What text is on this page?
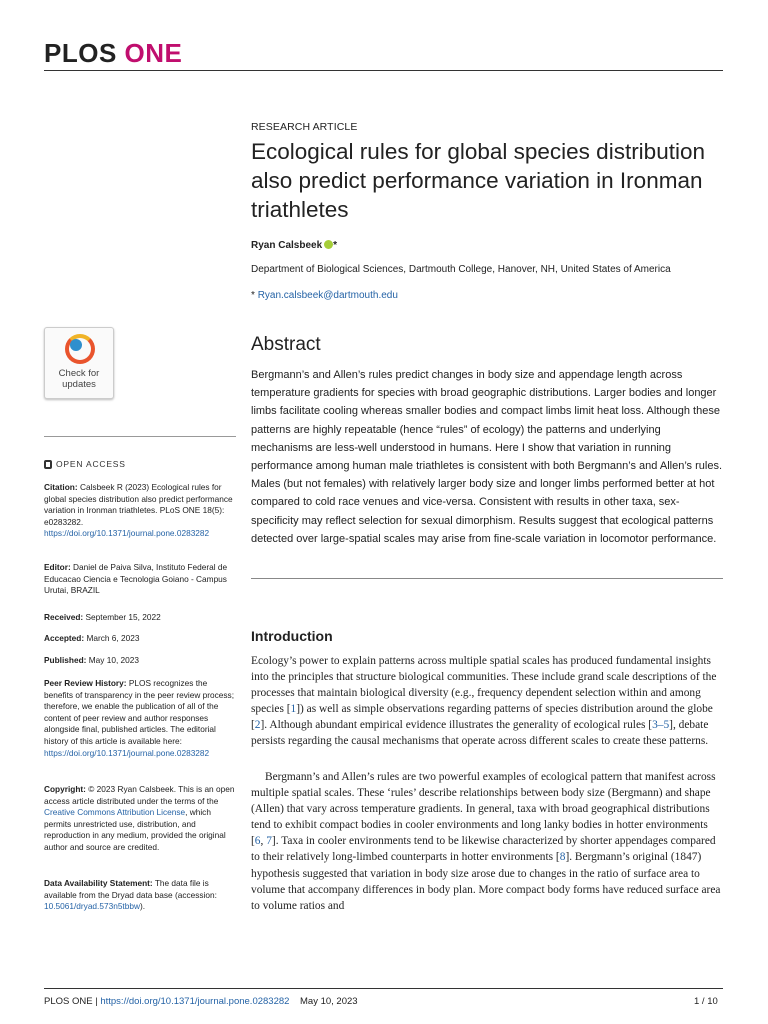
PLOS ONE
RESEARCH ARTICLE
Ecological rules for global species distribution also predict performance variation in Ironman triathletes
Ryan Calsbeek *
Department of Biological Sciences, Dartmouth College, Hanover, NH, United States of America
* Ryan.calsbeek@dartmouth.edu
Check for
updates
OPEN ACCESS
Citation: Calsbeek R (2023) Ecological rules for global species distribution also predict performance variation in Ironman triathletes. PLoS ONE 18(5): e0283282. https://doi.org/10.1371/journal.pone.0283282
Editor: Daniel de Paiva Silva, Instituto Federal de Educacao Ciencia e Tecnologia Goiano - Campus Urutai, BRAZIL
Received: September 15, 2022
Accepted: March 6, 2023
Published: May 10, 2023
Peer Review History: PLOS recognizes the benefits of transparency in the peer review process; therefore, we enable the publication of all of the content of peer review and author responses alongside final, published articles. The editorial history of this article is available here: https://doi.org/10.1371/journal.pone.0283282
Copyright: © 2023 Ryan Calsbeek. This is an open access article distributed under the terms of the Creative Commons Attribution License, which permits unrestricted use, distribution, and reproduction in any medium, provided the original author and source are credited.
Data Availability Statement: The data file is available from the Dryad data base (accession: 10.5061/dryad.573n5tbbw).
Abstract
Bergmann’s and Allen’s rules predict changes in body size and appendage length across temperature gradients for species with broad geographic distributions. Larger bodies and longer limbs facilitate cooling whereas smaller bodies and compact limbs limit heat loss. Although these patterns are highly repeatable (hence “rules” of ecology) the patterns and underlying mechanisms are less-well understood in humans. Here I show that variation in running performance among human male triathletes is consistent with both Bergmann’s and Allen’s rules. Males (but not females) with relatively larger body size and longer limbs performed better at hot compared to cold race venues and vice-versa. Consistent with results in other taxa, sex-specificity may reflect selection for sexual dimorphism. Results suggest that ecological patterns detected over large-spatial scales may arise from fine-scale variation in locomotor performance.
Introduction
Ecology’s power to explain patterns across multiple spatial scales has produced fundamental insights into the principles that structure biological communities. These include grand scale descriptions of the processes that maintain biological diversity (e.g., frequency dependent selection within and among species [1]) as well as simple observations regarding patterns of species distribution around the globe [2]. Although abundant empirical evidence illustrates the generality of ecological rules [3–5], debate persists regarding the causal mechanisms that operate across different scales to create these patterns.
Bergmann’s and Allen’s rules are two powerful examples of ecological pattern that manifest across multiple spatial scales. These ‘rules’ describe relationships between body size (Bergmann) and shape (Allen) that vary across temperature gradients. In general, taxa with broad geographical distributions tend to exhibit compact bodies in cooler environments and long lanky bodies in hotter environments [6, 7]. Taxa in cooler environments tend to be likewise characterized by shorter appendages compared to their relatively long-limbed counterparts in hotter environments [8]. Bergmann’s original (1847) hypothesis suggested that variation in body size arose due to changes in the ratio of surface area to volume that accompany differences in body plan. More compact body forms have reduced surface area to volume ratios and
PLOS ONE | https://doi.org/10.1371/journal.pone.0283282 May 10, 2023	1 / 10
